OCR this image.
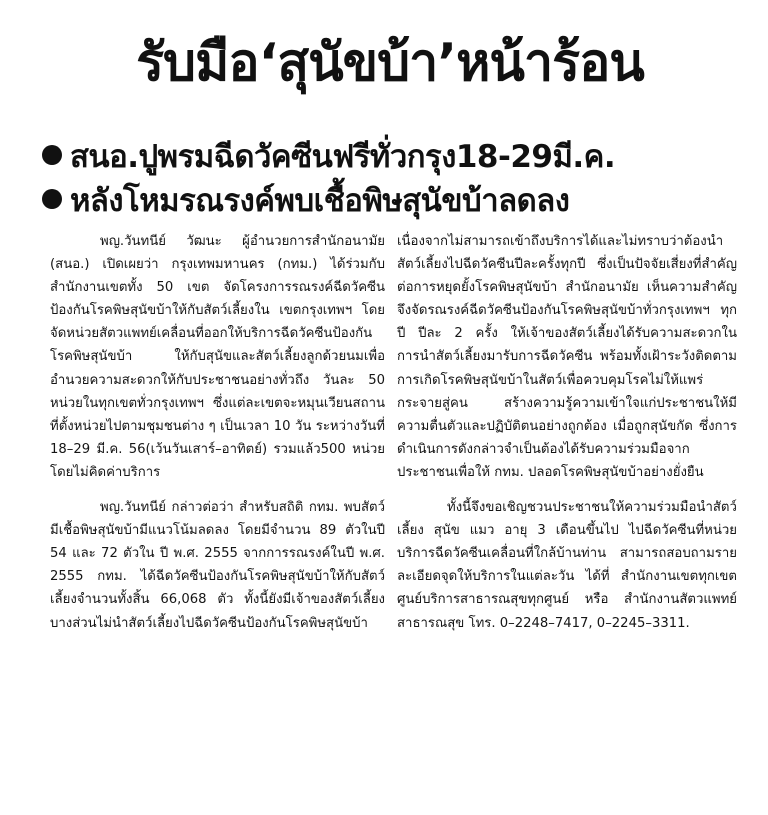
รับมือ‘สุนัขบ้า’หน้าร้อน
สนอ.ปูพรมฉีดวัคซีนฟรีทั่วกรุง18-29มี.ค.
หลังโหมรณรงค์พบเชื้อพิษสุนัขบ้าลดลง

พญ.วันทนีย์ วัฒนะ ผู้อำนวยการสำนักอนามัย (สนอ.) เปิดเผยว่า กรุงเทพมหานคร (กทม.) ได้ร่วมกับ สำนักงานเขตทั้ง 50 เขต จัดโครงการรณรงค์ฉีดวัคซีนป้องกันโรคพิษสุนัขบ้าให้กับสัตว์เลี้ยงใน เขตกรุงเทพฯ โดยจัดหน่วยสัตวแพทย์เคลื่อนที่ออกให้บริการฉีดวัคซีนป้องกันโรคพิษสุนัขบ้า ให้กับสุนัขและสัตว์เลี้ยงลูกด้วยนมเพื่ออำนวยความสะดวกให้กับประชาชนอย่างทั่วถึง วันละ 50 หน่วยในทุกเขตทั่วกรุงเทพฯ ซึ่งแต่ละเขตจะหมุนเวียนสถานที่ตั้งหน่วยไปตามชุมชนต่าง ๆ เป็นเวลา 10 วัน ระหว่างวันที่ 18–29 มี.ค. 56(เว้นวันเสาร์–อาทิตย์) รวมแล้ว500 หน่วย โดยไม่คิดค่าบริการ

พญ.วันทนีย์ กล่าวต่อว่า สำหรับสถิติ กทม. พบสัตว์มีเชื้อพิษสุนัขบ้ามีแนวโน้มลดลง โดยมีจำนวน 89 ตัวในปี 54 และ 72 ตัวใน ปี พ.ศ. 2555 จากการรณรงค์ในปี พ.ศ. 2555 กทม. ได้ฉีดวัคซีนป้องกันโรคพิษสุนัขบ้าให้กับสัตว์เลี้ยงจำนวนทั้งสิ้น 66,068 ตัว ทั้งนี้ยังมีเจ้าของสัตว์เลี้ยงบางส่วนไม่นำสัตว์เลี้ยงไปฉีดวัคซีนป้องกันโรคพิษสุนัขบ้า

เนื่องจากไม่สามารถเข้าถึงบริการได้และไม่ทราบว่าต้องนำสัตว์เลี้ยงไปฉีดวัคซีนปีละครั้งทุกปี ซึ่งเป็นปัจจัยเสี่ยงที่สำคัญต่อการหยุดยั้งโรคพิษสุนัขบ้า สำนักอนามัย เห็นความสำคัญจึงจัดรณรงค์ฉีดวัคซีนป้องกันโรคพิษสุนัขบ้าทั่วกรุงเทพฯ ทุกปี ปีละ 2 ครั้ง ให้เจ้าของสัตว์เลี้ยงได้รับความสะดวกในการนำสัตว์เลี้ยงมารับการฉีดวัคซีน พร้อมทั้งเฝ้าระวังติดตามการเกิดโรคพิษสุนัขบ้าในสัตว์เพื่อควบคุมโรคไม่ให้แพร่กระจายสู่คน สร้างความรู้ความเข้าใจแก่ประชาชนให้มีความตื่นตัวและปฏิบัติตนอย่างถูกต้อง เมื่อถูกสุนัขกัด ซึ่งการดำเนินการดังกล่าวจำเป็นต้องได้รับความร่วมมือจากประชาชนเพื่อให้ กทม. ปลอดโรคพิษสุนัขบ้าอย่างยั่งยืน

ทั้งนี้จึงขอเชิญชวนประชาชนให้ความร่วมมือนำสัตว์เลี้ยง สุนัข แมว อายุ 3 เดือนขึ้นไป ไปฉีดวัคซีนที่หน่วยบริการฉีดวัคซีนเคลื่อนที่ใกล้บ้านท่าน สามารถสอบถามรายละเอียดจุดให้บริการในแต่ละวัน ได้ที่ สำนักงานเขตทุกเขต ศูนย์บริการสาธารณสุขทุกศูนย์ หรือ สำนักงานสัตวแพทย์สาธารณสุข โทร. 0–2248–7417, 0–2245–3311.
